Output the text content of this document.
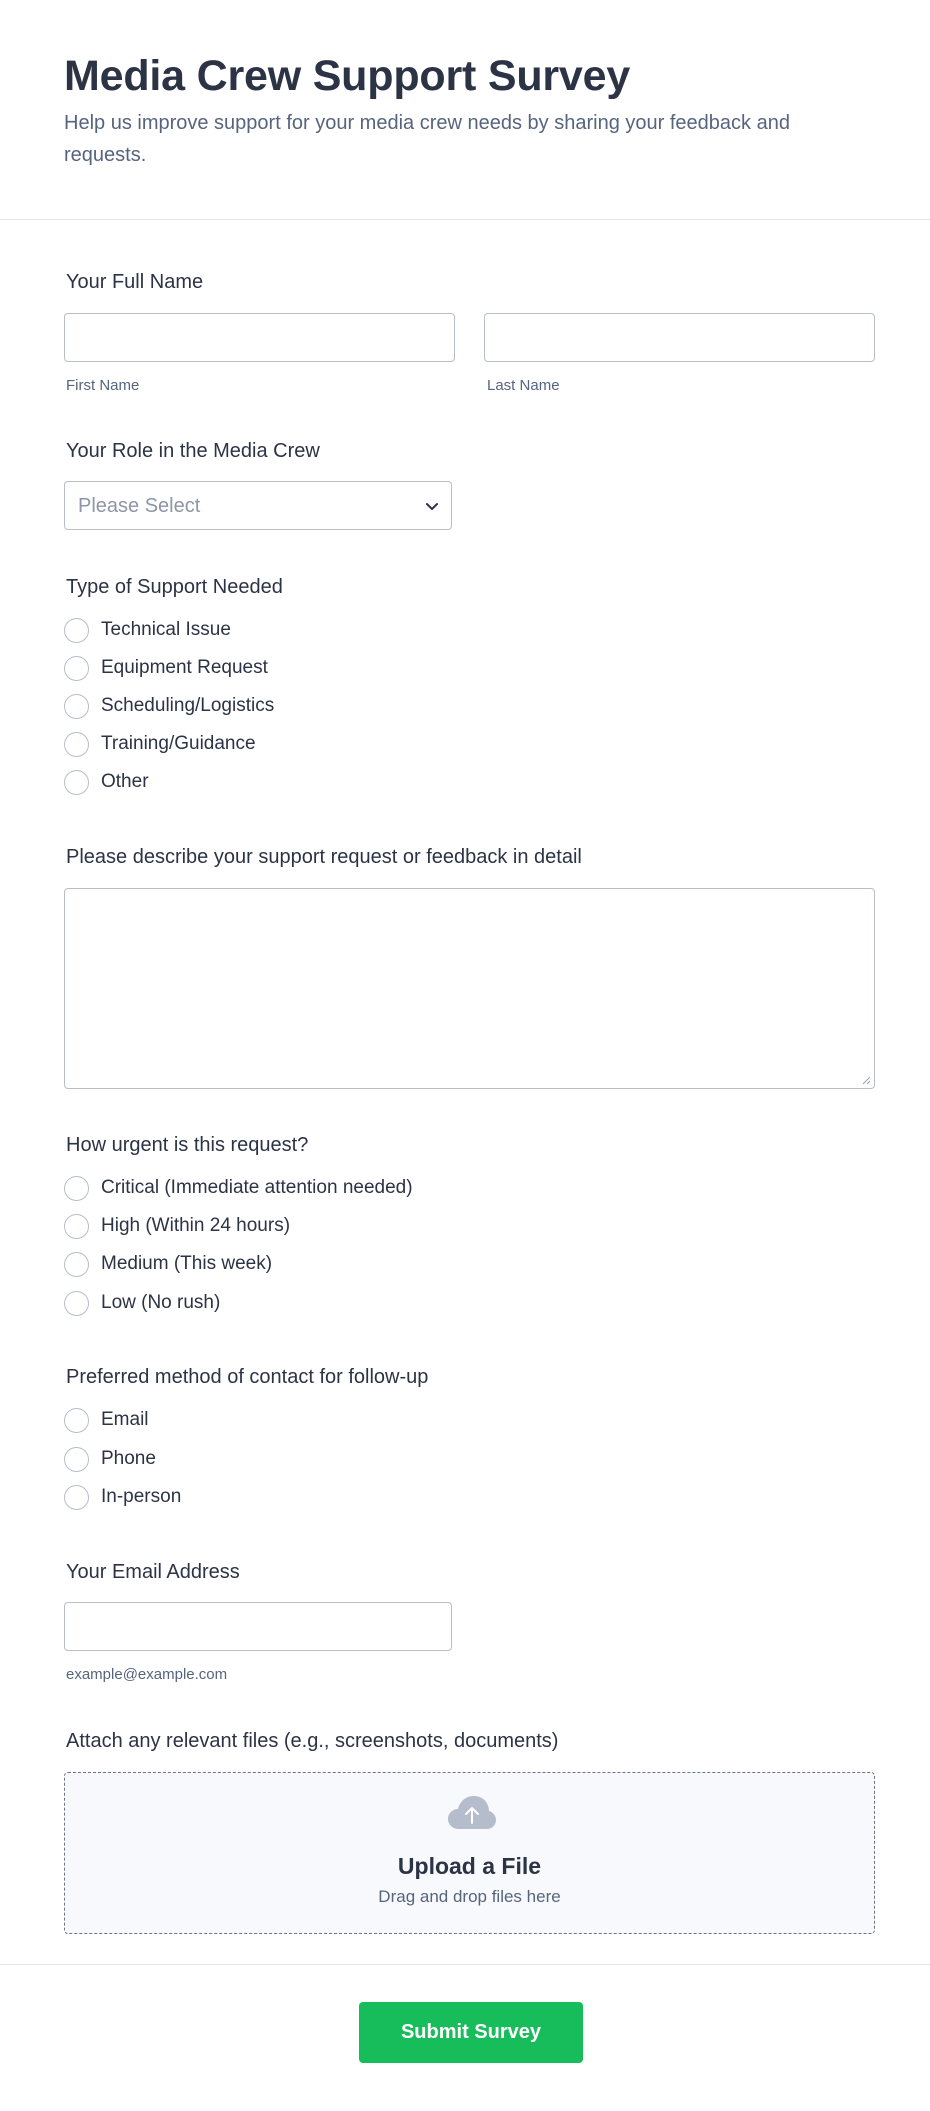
Media Crew Support Survey
Help us improve support for your media crew needs by sharing your feedback and requests.
Your Full Name
First Name	Last Name
Your Role in the Media Crew
Please Select
Type of Support Needed
Technical Issue
Equipment Request
Scheduling/Logistics
Training/Guidance
Other
Please describe your support request or feedback in detail
How urgent is this request?
Critical (Immediate attention needed)
High (Within 24 hours)
Medium (This week)
Low (No rush)
Preferred method of contact for follow-up
Email
Phone
In-person
Your Email Address
example@example.com
Attach any relevant files (e.g., screenshots, documents)
Upload a File
Drag and drop files here
Submit Survey
